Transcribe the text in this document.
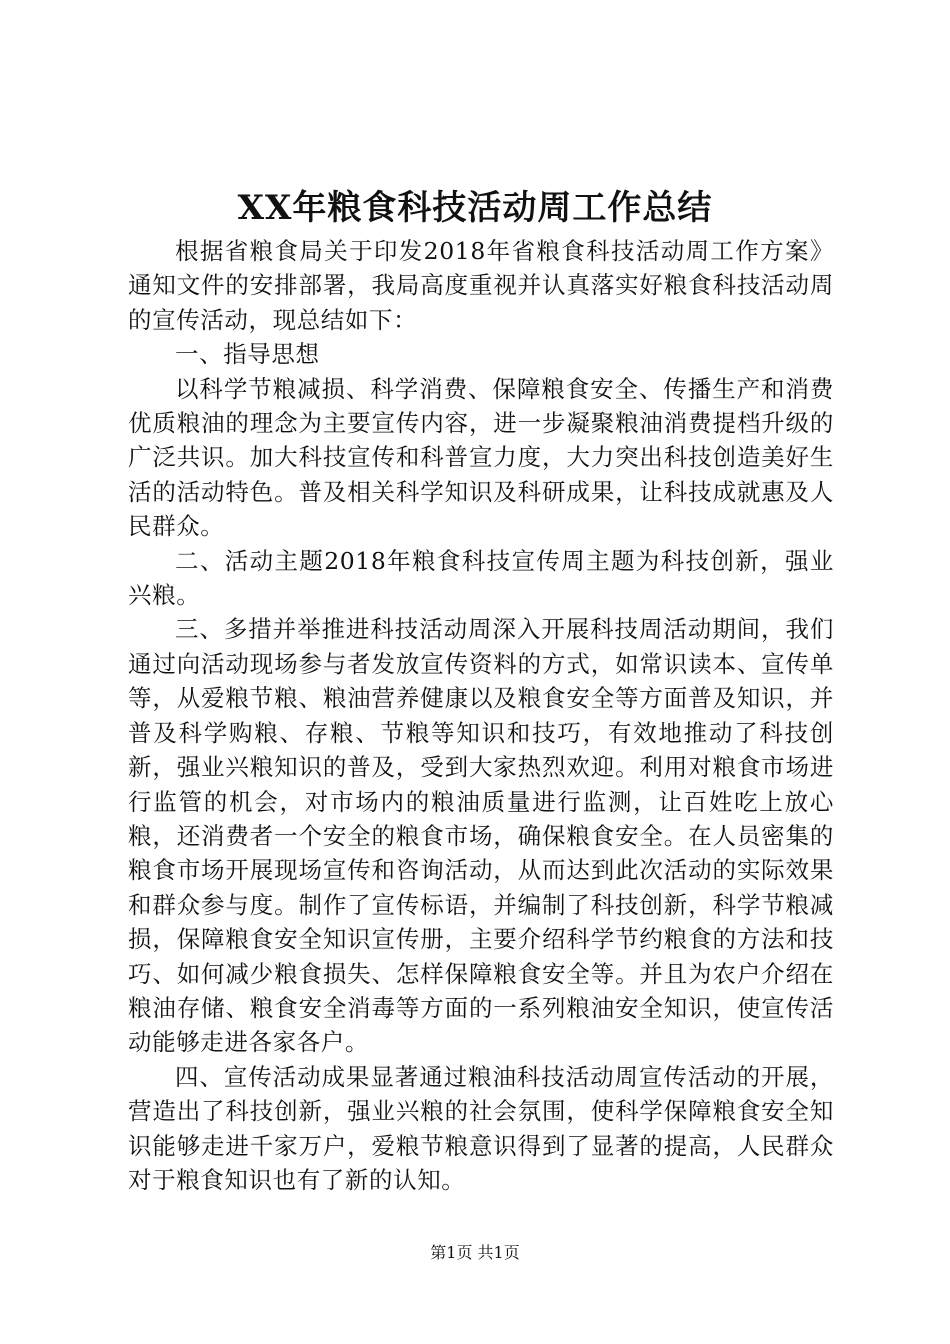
XX年粮食科技活动周工作总结

根据省粮食局关于印发2018年省粮食科技活动周工作方案》通知文件的安排部署，我局高度重视并认真落实好粮食科技活动周的宣传活动，现总结如下：

一、指导思想

以科学节粮减损、科学消费、保障粮食安全、传播生产和消费优质粮油的理念为主要宣传内容，进一步凝聚粮油消费提档升级的广泛共识。加大科技宣传和科普宣力度，大力突出科技创造美好生活的活动特色。普及相关科学知识及科研成果，让科技成就惠及人民群众。

二、活动主题2018年粮食科技宣传周主题为科技创新，强业兴粮。

三、多措并举推进科技活动周深入开展科技周活动期间，我们通过向活动现场参与者发放宣传资料的方式，如常识读本、宣传单等，从爱粮节粮、粮油营养健康以及粮食安全等方面普及知识，并普及科学购粮、存粮、节粮等知识和技巧，有效地推动了科技创新，强业兴粮知识的普及，受到大家热烈欢迎。利用对粮食市场进行监管的机会，对市场内的粮油质量进行监测，让百姓吃上放心粮，还消费者一个安全的粮食市场，确保粮食安全。在人员密集的粮食市场开展现场宣传和咨询活动，从而达到此次活动的实际效果和群众参与度。制作了宣传标语，并编制了科技创新，科学节粮减损，保障粮食安全知识宣传册，主要介绍科学节约粮食的方法和技巧、如何减少粮食损失、怎样保障粮食安全等。并且为农户介绍在粮油存储、粮食安全消毒等方面的一系列粮油安全知识，使宣传活动能够走进各家各户。

四、宣传活动成果显著通过粮油科技活动周宣传活动的开展，营造出了科技创新，强业兴粮的社会氛围，使科学保障粮食安全知识能够走进千家万户，爱粮节粮意识得到了显著的提高，人民群众对于粮食知识也有了新的认知。

第1页 共1页
